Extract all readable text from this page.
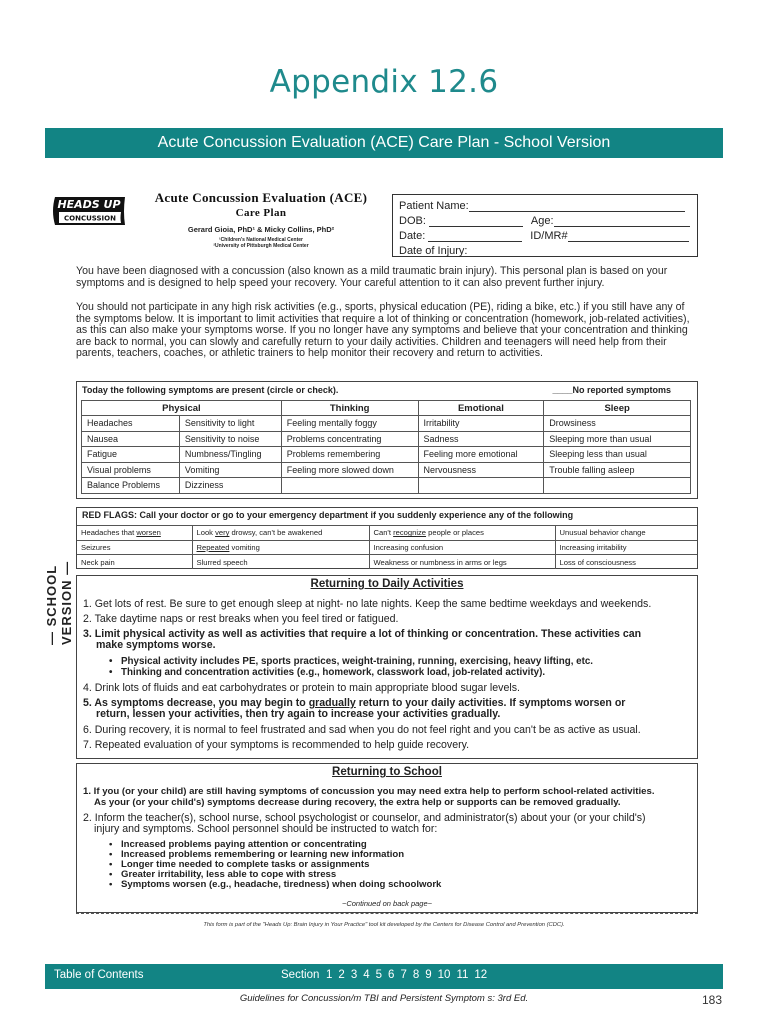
Appendix 12.6
Acute Concussion Evaluation (ACE) Care Plan - School Version
HEADS UP
CONCUSSION
Acute Concussion Evaluation (ACE)
Care Plan
Gerard Gioia, PhD¹ & Micky Collins, PhD²
¹Children's National Medical Center
²University of Pittsburgh Medical Center
Patient Name:
DOB:	Age:
Date:	ID/MR#
Date of Injury:
You have been diagnosed with a concussion (also known as a mild traumatic brain injury). This personal plan is based on your symptoms and is designed to help speed your recovery. Your careful attention to it can also prevent further injury.
You should not participate in any high risk activities (e.g., sports, physical education (PE), riding a bike, etc.) if you still have any of the symptoms below. It is important to limit activities that require a lot of thinking or concentration (homework, job-related activities), as this can also make your symptoms worse. If you no longer have any symptoms and believe that your concentration and thinking are back to normal, you can slowly and carefully return to your daily activities. Children and teenagers will need help from their parents, teachers, coaches, or athletic trainers to help monitor their recovery and return to activities.
Today the following symptoms are present (circle or check).	____No reported symptoms
Physical		Thinking	Emotional	Sleep
Headaches	Sensitivity to light	Feeling mentally foggy	Irritability	Drowsiness
Nausea	Sensitivity to noise	Problems concentrating	Sadness	Sleeping more than usual
Fatigue	Numbness/Tingling	Problems remembering	Feeling more emotional	Sleeping less than usual
Visual problems	Vomiting	Feeling more slowed down	Nervousness	Trouble falling asleep
Balance Problems	Dizziness			
— SCHOOL VERSION —
RED FLAGS: Call your doctor or go to your emergency department if you suddenly experience any of the following
Headaches that worsen	Look very drowsy, can't be awakened	Can't recognize people or places	Unusual behavior change
Seizures	Repeated vomiting	Increasing confusion	Increasing irritability
Neck pain	Slurred speech	Weakness or numbness in arms or legs	Loss of consciousness
Returning to Daily Activities
1. Get lots of rest. Be sure to get enough sleep at night- no late nights. Keep the same bedtime weekdays and weekends.
2. Take daytime naps or rest breaks when you feel tired or fatigued.
3. Limit physical activity as well as activities that require a lot of thinking or concentration. These activities can
make symptoms worse.
• Physical activity includes PE, sports practices, weight-training, running, exercising, heavy lifting, etc.
• Thinking and concentration activities (e.g., homework, classwork load, job-related activity).
4. Drink lots of fluids and eat carbohydrates or protein to main appropriate blood sugar levels.
5. As symptoms decrease, you may begin to gradually return to your daily activities. If symptoms worsen or
return, lessen your activities, then try again to increase your activities gradually.
6. During recovery, it is normal to feel frustrated and sad when you do not feel right and you can't be as active as usual.
7. Repeated evaluation of your symptoms is recommended to help guide recovery.
Returning to School
1. If you (or your child) are still having symptoms of concussion you may need extra help to perform school-related activities.
As your (or your child's) symptoms decrease during recovery, the extra help or supports can be removed gradually.
2. Inform the teacher(s), school nurse, school psychologist or counselor, and administrator(s) about your (or your child's)
injury and symptoms. School personnel should be instructed to watch for:
• Increased problems paying attention or concentrating
• Increased problems remembering or learning new information
• Longer time needed to complete tasks or assignments
• Greater irritability, less able to cope with stress
• Symptoms worsen (e.g., headache, tiredness) when doing schoolwork
~Continued on back page~
This form is part of the "Heads Up: Brain Injury in Your Practice" tool kit developed by the Centers for Disease Control and Prevention (CDC).
Table of Contents	Section 1 2 3 4 5 6 7 8 9 10 11 12
Guidelines for Concussion/m TBI and Persistent Symptom s: 3rd Ed.	183
